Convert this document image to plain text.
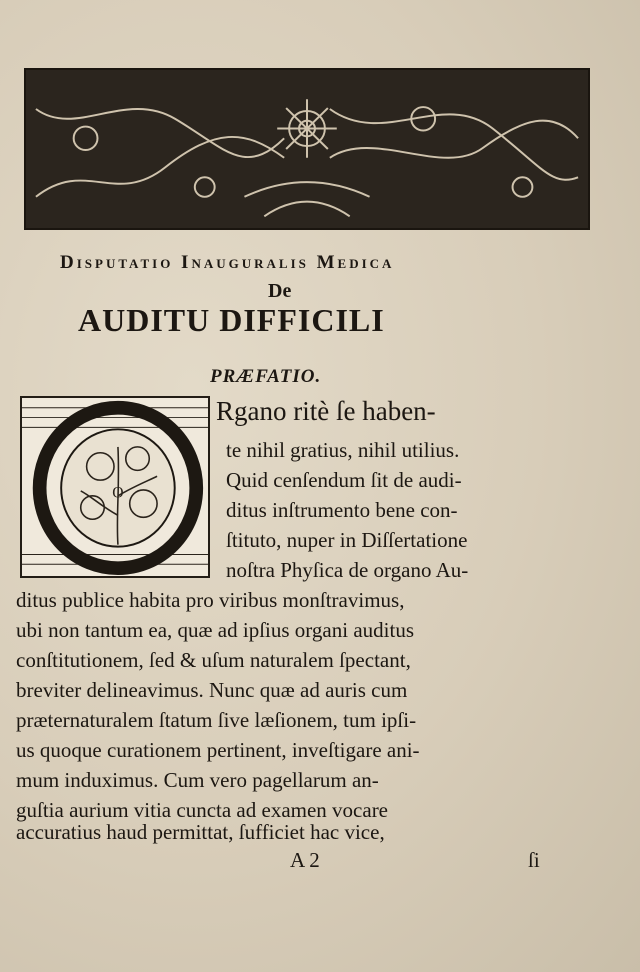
Disputatio Inauguralis Medica
De
AUDITU DIFFICILI
PRÆFATIO.
O
Rgano ritè ſe haben-
te nihil gratius, nihil utilius.
Quid cenſendum ſit de audi-
ditus inſtrumento bene con-
ſtituto, nuper in Diſſertatione
noſtra Phyſica de organo Au-
ditus publice habita pro viribus monſtravimus,
ubi non tantum ea, quæ ad ipſius organi auditus
conſtitutionem, ſed & uſum naturalem ſpectant,
breviter delineavimus. Nunc quæ ad auris cum
præternaturalem ſtatum ſive læſionem, tum ipſi-
us quoque curationem pertinent, inveſtigare ani-
mum induximus. Cum vero pagellarum an-
guſtia aurium vitia cuncta ad examen vocare
accuratius haud permittat, ſufficiet hac vice,
A 2	ſi
